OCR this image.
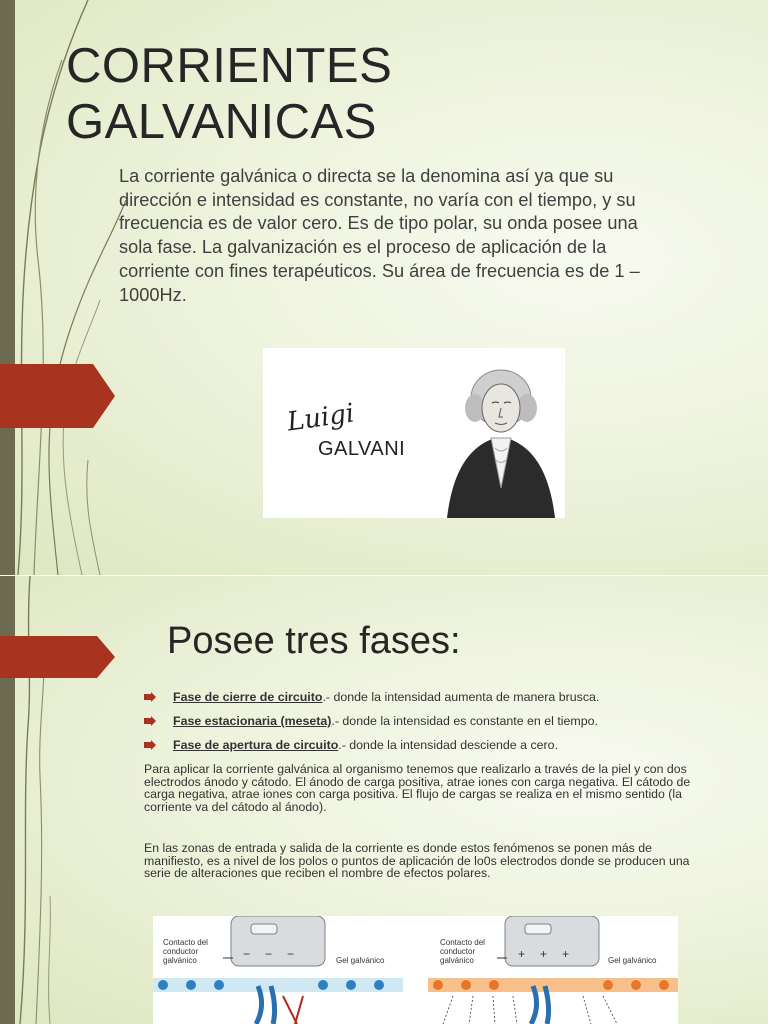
CORRIENTES GALVANICAS

La corriente galvánica o directa se la denomina así ya que su dirección e intensidad es constante, no varía con el tiempo, y su frecuencia es de valor cero. Es de tipo polar, su onda posee una sola fase. La galvanización es el proceso de aplicación de la corriente con fines terapéuticos. Su área de frecuencia es de 1 – 1000Hz.

Luigi
GALVANI
Posee tres fases:
Fase de cierre de circuito.- donde la intensidad aumenta de manera brusca.
Fase estacionaria (meseta).- donde la intensidad es constante en el tiempo.
Fase de apertura de circuito.- donde la intensidad desciende a cero.

Para aplicar la corriente galvánica al organismo tenemos que realizarlo a través de la piel y con dos electrodos ánodo y cátodo. El ánodo de carga positiva, atrae iones con carga negativa. El cátodo de carga negativa, atrae iones con carga positiva. El flujo de cargas se realiza en el mismo sentido (la corriente va del cátodo al ánodo).

En las zonas de entrada y salida de la corriente es donde estos fenómenos se ponen más de manifiesto, es a nivel de los polos o puntos de aplicación de lo0s electrodos donde se producen una serie de alteraciones que reciben el nombre de efectos polares.

− − −	+ + +
Contacto del conductor galvánico	Gel galvánico
Contacto del conductor galvánico	Gel galvánico
